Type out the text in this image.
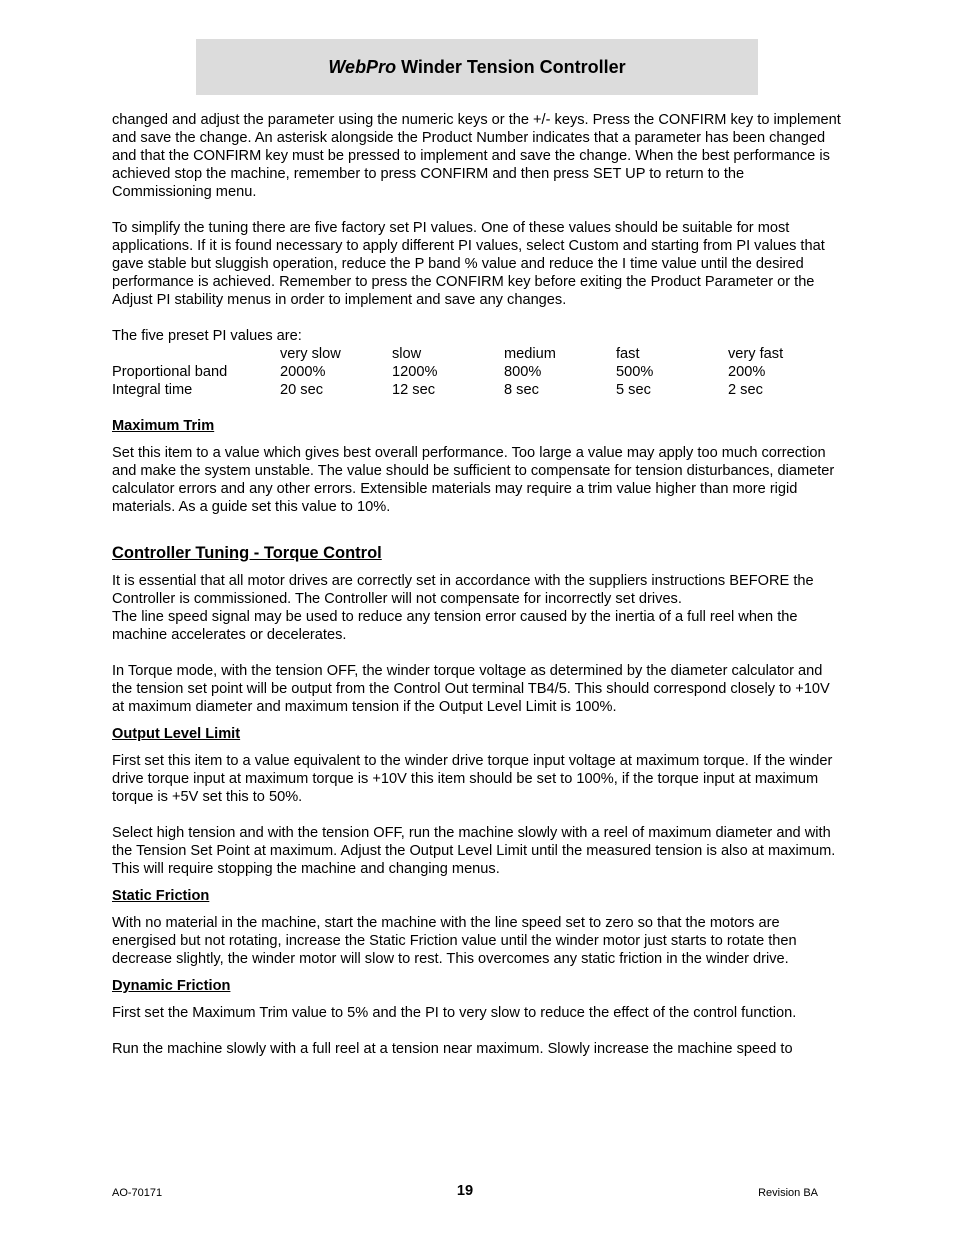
WebPro Winder Tension Controller

changed and adjust the parameter using the numeric keys or the +/- keys. Press the CONFIRM key to implement and save the change. An asterisk alongside the Product Number indicates that a parameter has been changed and that the CONFIRM key must be pressed to implement and save the change. When the best performance is achieved stop the machine, remember to press CONFIRM and then press SET UP to return to the Commissioning menu.

To simplify the tuning there are five factory set PI values. One of these values should be suitable for most applications. If it is found necessary to apply different PI values, select Custom and starting from PI values that gave stable but sluggish operation, reduce the P band % value and reduce the I time value until the desired performance is achieved. Remember to press the CONFIRM key before exiting the Product Parameter or the Adjust PI stability menus in order to implement and save any changes.

The five preset PI values are:

	very slow	slow	medium	fast	very fast
Proportional band	2000%	1200%	800%	500%	200%
Integral time	20 sec	12 sec	8 sec	5 sec	2 sec
Maximum Trim

Set this item to a value which gives best overall performance. Too large a value may apply too much correction and make the system unstable. The value should be sufficient to compensate for tension disturbances, diameter calculator errors and any other errors. Extensible materials may require a trim value higher than more rigid materials. As a guide set this value to 10%.

Controller Tuning - Torque Control

It is essential that all motor drives are correctly set in accordance with the suppliers instructions BEFORE the Controller is commissioned. The Controller will not compensate for incorrectly set drives.

The line speed signal may be used to reduce any tension error caused by the inertia of a full reel when the machine accelerates or decelerates.

In Torque mode, with the tension OFF, the winder torque voltage as determined by the diameter calculator and the tension set point will be output from the Control Out terminal TB4/5. This should correspond closely to +10V at maximum diameter and maximum tension if the Output Level Limit is 100%.

Output Level Limit

First set this item to a value equivalent to the winder drive torque input voltage at maximum torque. If the winder drive torque input at maximum torque is +10V this item should be set to 100%, if the torque input at maximum torque is +5V set this to 50%.

Select high tension and with the tension OFF, run the machine slowly with a reel of maximum diameter and with the Tension Set Point at maximum. Adjust the Output Level Limit until the measured tension is also at maximum. This will require stopping the machine and changing menus.

Static Friction

With no material in the machine, start the machine with the line speed set to zero so that the motors are energised but not rotating, increase the Static Friction value until the winder motor just starts to rotate then decrease slightly, the winder motor will slow to rest. This overcomes any static friction in the winder drive.

Dynamic Friction

First set the Maximum Trim value to 5% and the PI to very slow to reduce the effect of the control function.

Run the machine slowly with a full reel at a tension near maximum. Slowly increase the machine speed to

AO-70171	19	Revision BA
